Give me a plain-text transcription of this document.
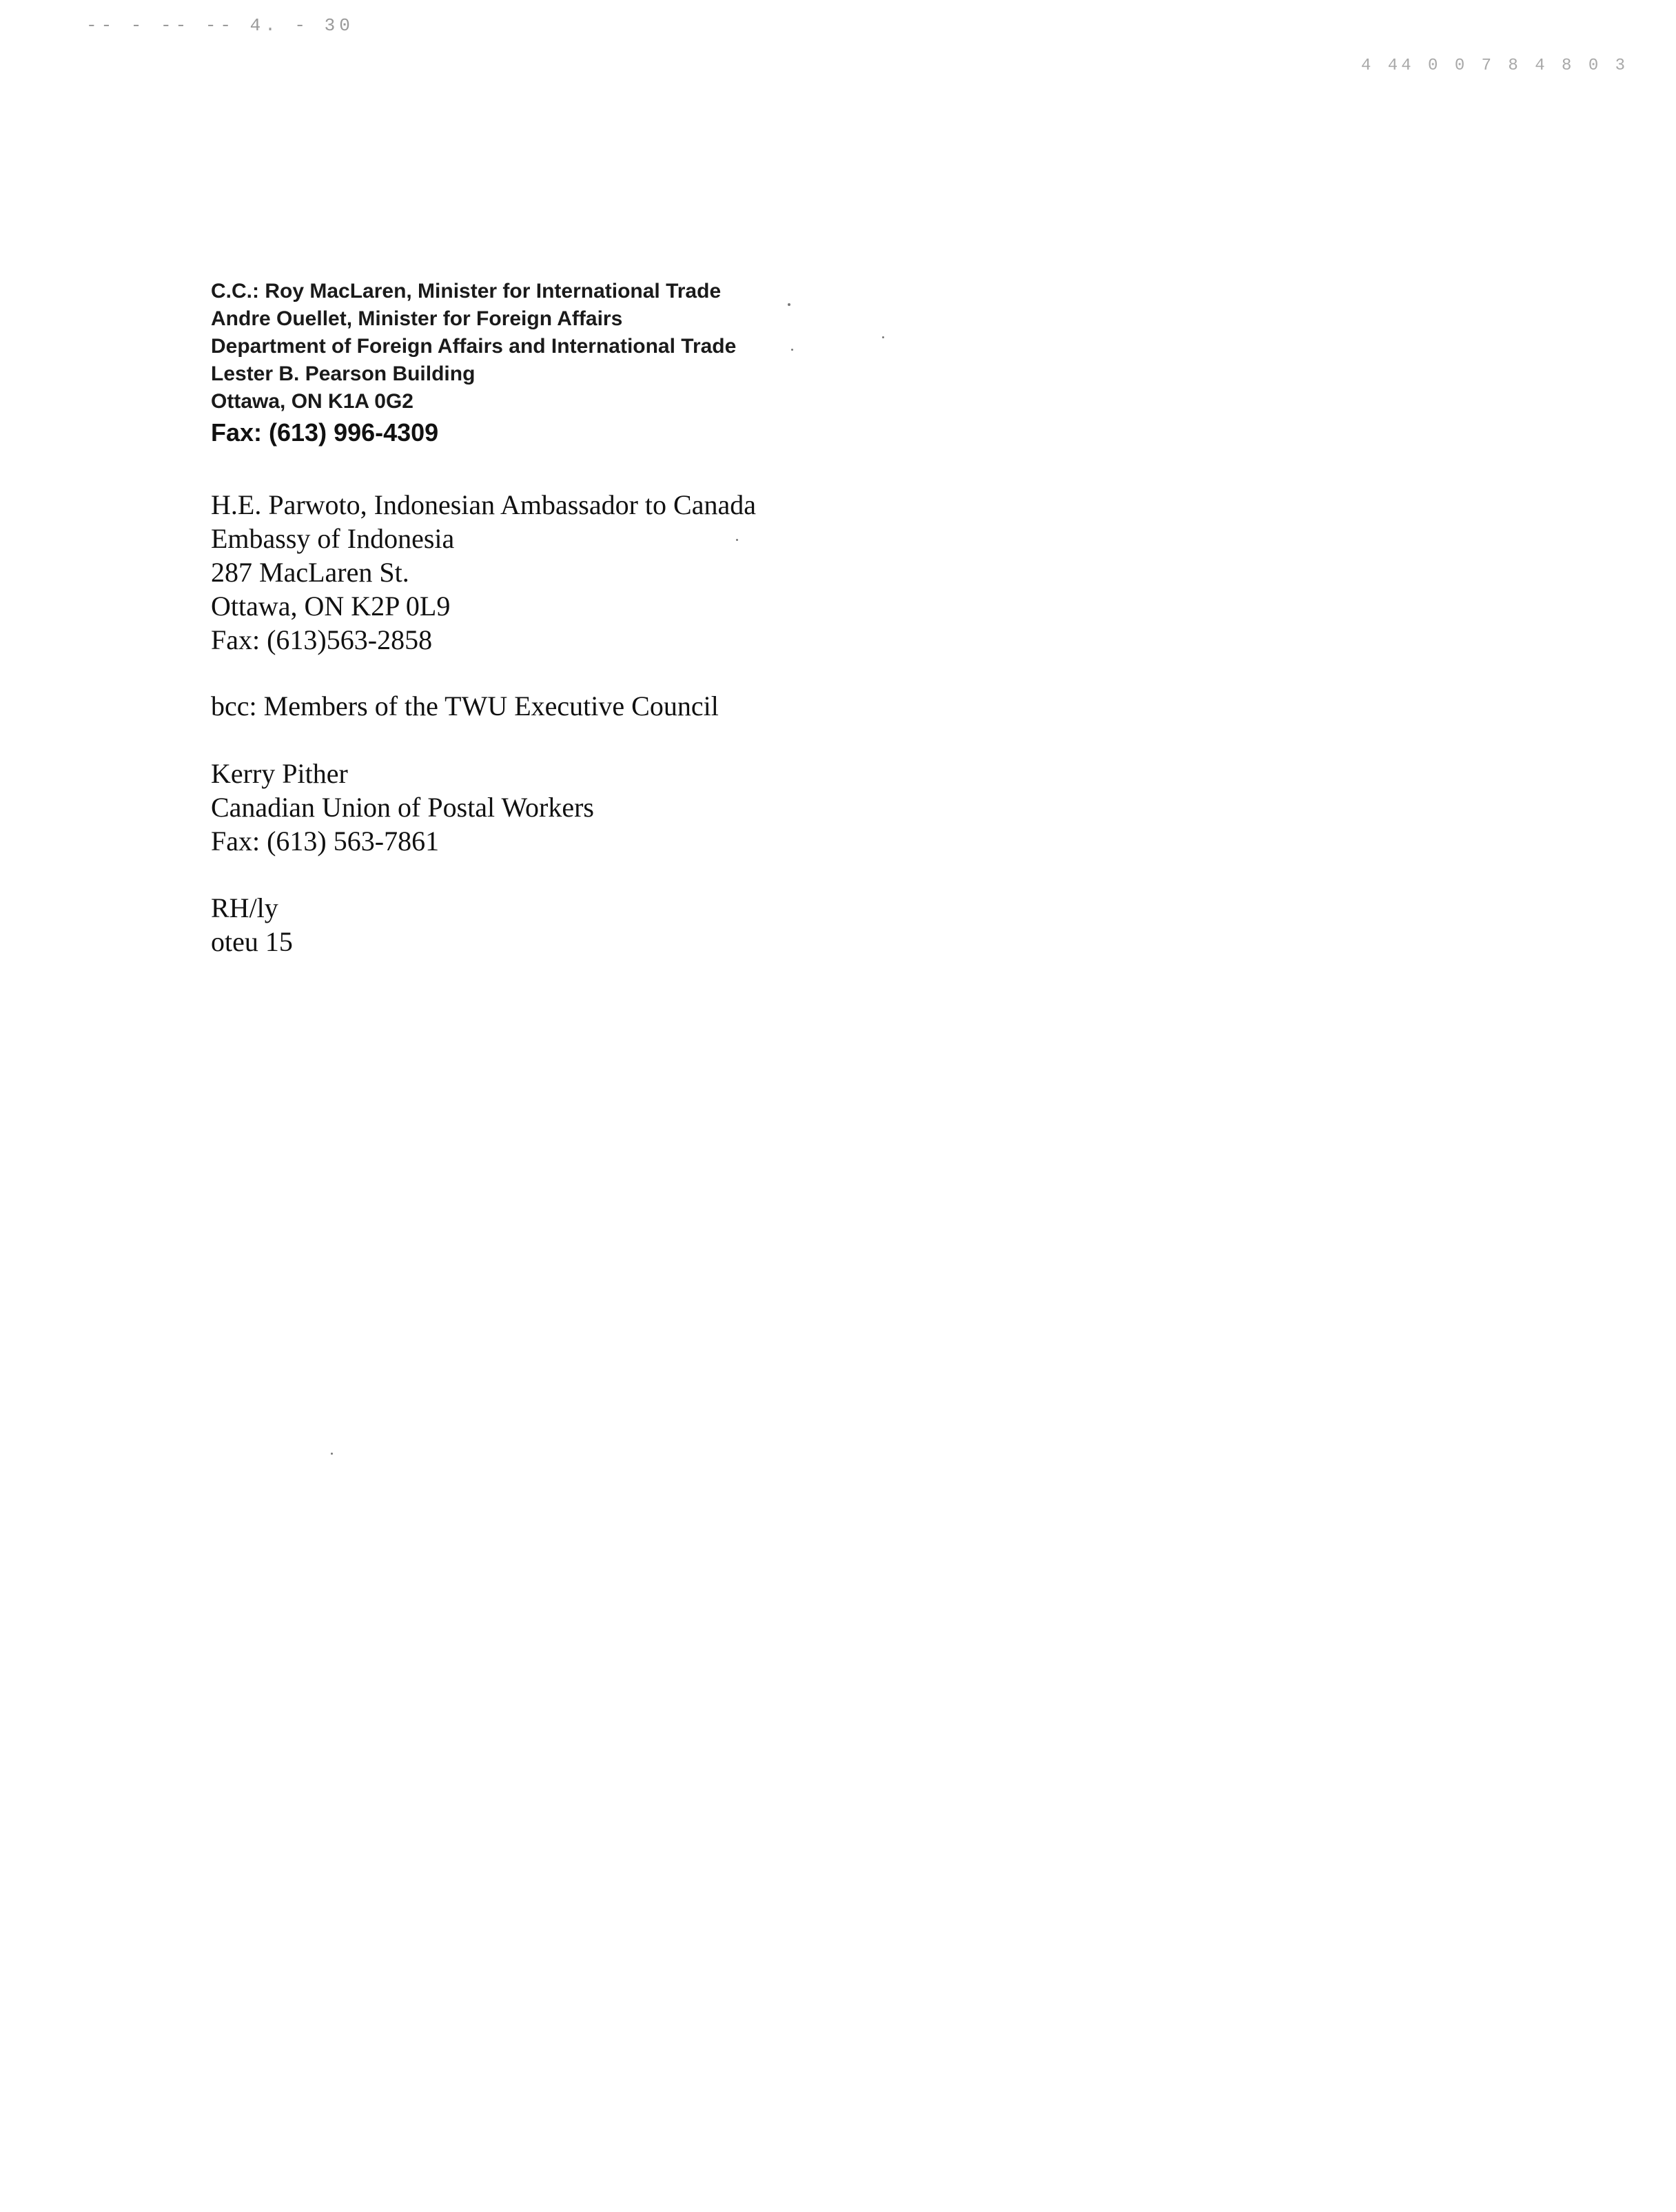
-- - -- -- 4. - 30
4 44 0 0 7 8 4 8 0 3
C.C.: Roy MacLaren, Minister for International Trade
Andre Ouellet, Minister for Foreign Affairs
Department of Foreign Affairs and International Trade
Lester B. Pearson Building
Ottawa, ON K1A 0G2
Fax: (613) 996-4309
H.E. Parwoto, Indonesian Ambassador to Canada
Embassy of Indonesia
287 MacLaren St.
Ottawa, ON K2P 0L9
Fax: (613)563-2858
bcc: Members of the TWU Executive Council
Kerry Pither
Canadian Union of Postal Workers
Fax: (613) 563-7861
RH/ly
oteu 15
